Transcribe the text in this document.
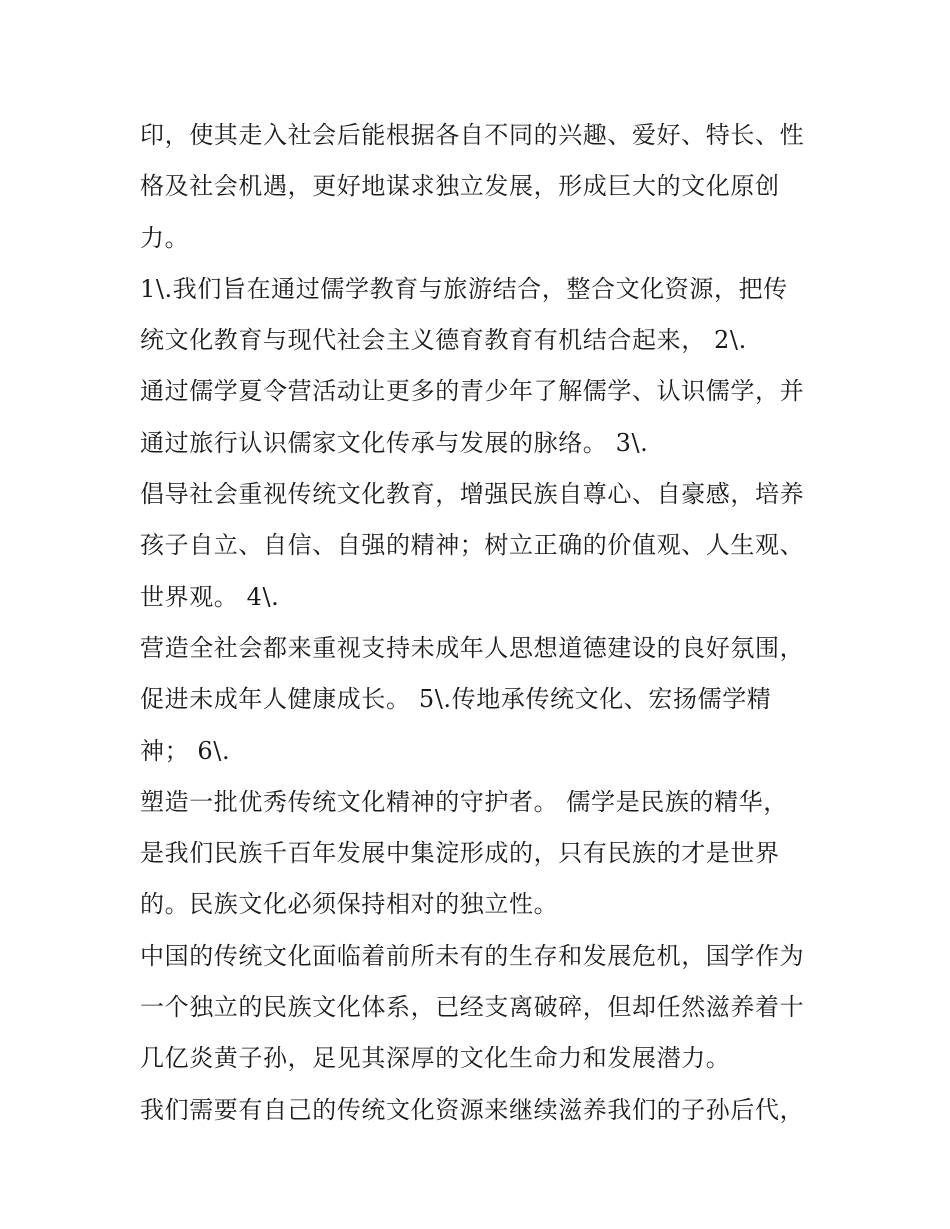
印，使其走入社会后能根据各自不同的兴趣、爱好、特长、性
格及社会机遇，更好地谋求独立发展，形成巨大的文化原创
力。
1\.我们旨在通过儒学教育与旅游结合，整合文化资源，把传
统文化教育与现代社会主义德育教育有机结合起来， 2\.
通过儒学夏令营活动让更多的青少年了解儒学、认识儒学，并
通过旅行认识儒家文化传承与发展的脉络。 3\.
倡导社会重视传统文化教育，增强民族自尊心、自豪感，培养
孩子自立、自信、自强的精神；树立正确的价值观、人生观、
世界观。 4\.
营造全社会都来重视支持未成年人思想道德建设的良好氛围，
促进未成年人健康成长。 5\.传地承传统文化、宏扬儒学精
神； 6\.
塑造一批优秀传统文化精神的守护者。 儒学是民族的精华，
是我们民族千百年发展中集淀形成的，只有民族的才是世界
的。民族文化必须保持相对的独立性。
中国的传统文化面临着前所未有的生存和发展危机，国学作为
一个独立的民族文化体系，已经支离破碎，但却任然滋养着十
几亿炎黄子孙，足见其深厚的文化生命力和发展潜力。
我们需要有自己的传统文化资源来继续滋养我们的子孙后代，
